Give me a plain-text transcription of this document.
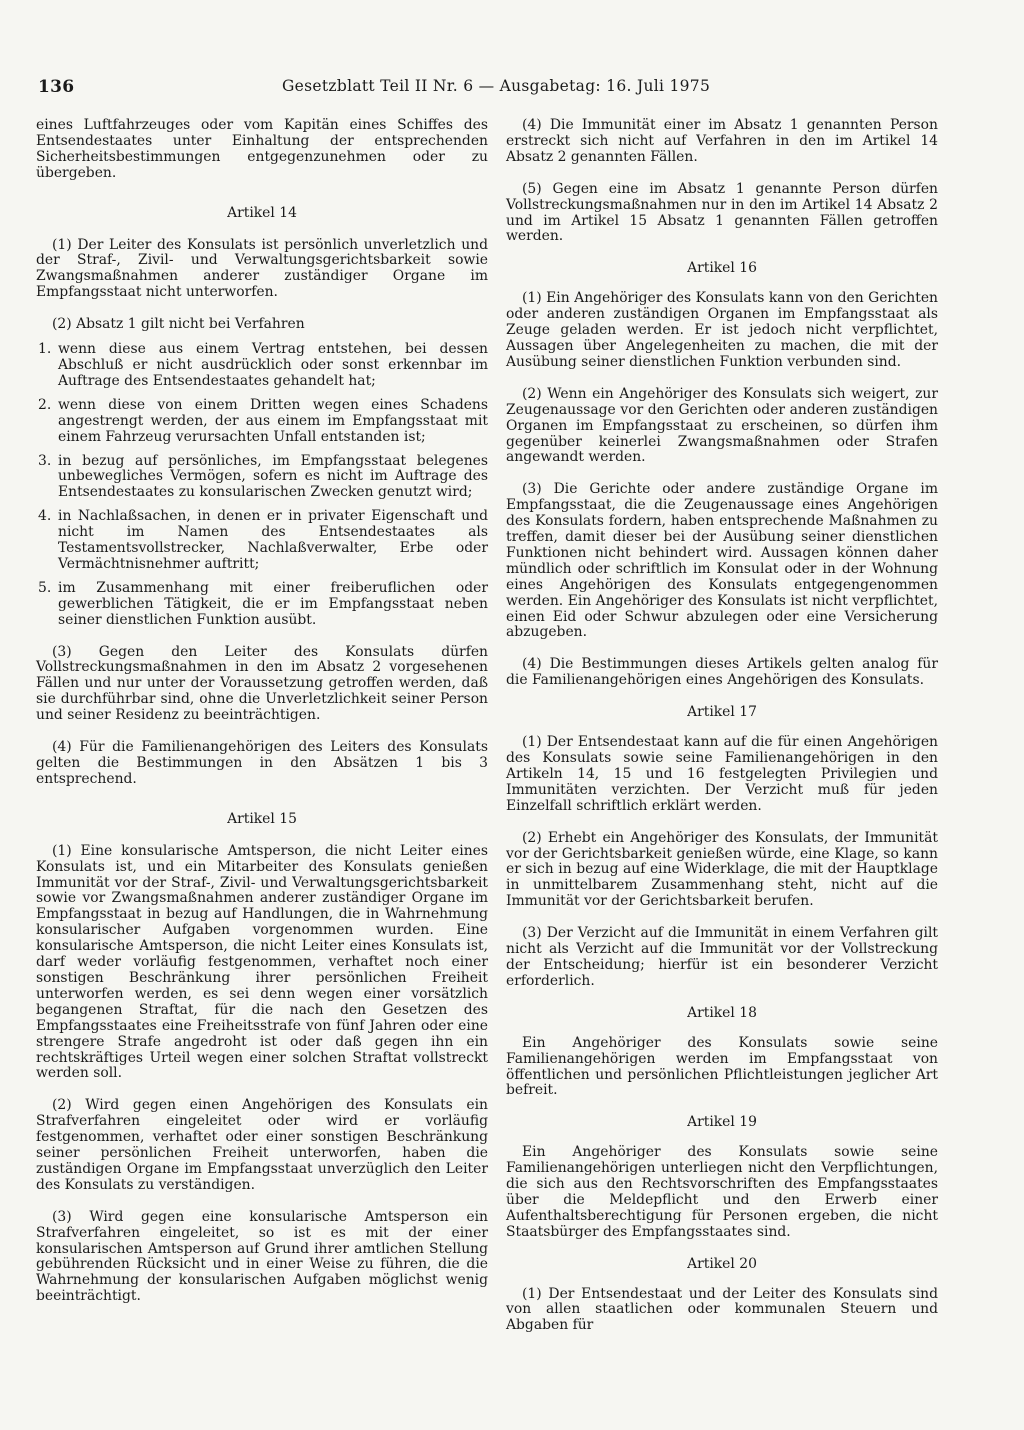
136	Gesetzblatt Teil II Nr. 6 — Ausgabetag: 16. Juli 1975

eines Luftfahrzeuges oder vom Kapitän eines Schiffes des Entsendestaates unter Einhaltung der entsprechenden Sicherheitsbestimmungen entgegenzunehmen oder zu übergeben.

Artikel 14

(1) Der Leiter des Konsulats ist persönlich unverletzlich und der Straf-, Zivil- und Verwaltungsgerichtsbarkeit sowie Zwangsmaßnahmen anderer zuständiger Organe im Empfangsstaat nicht unterworfen.

(2) Absatz 1 gilt nicht bei Verfahren

1. wenn diese aus einem Vertrag entstehen, bei dessen Abschluß er nicht ausdrücklich oder sonst erkennbar im Auftrage des Entsendestaates gehandelt hat;
2. wenn diese von einem Dritten wegen eines Schadens angestrengt werden, der aus einem im Empfangsstaat mit einem Fahrzeug verursachten Unfall entstanden ist;
3. in bezug auf persönliches, im Empfangsstaat belegenes unbewegliches Vermögen, sofern es nicht im Auftrage des Entsendestaates zu konsularischen Zwecken genutzt wird;
4. in Nachlaßsachen, in denen er in privater Eigenschaft und nicht im Namen des Entsendestaates als Testamentsvollstrecker, Nachlaßverwalter, Erbe oder Vermächtnisnehmer auftritt;
5. im Zusammenhang mit einer freiberuflichen oder gewerblichen Tätigkeit, die er im Empfangsstaat neben seiner dienstlichen Funktion ausübt.

(3) Gegen den Leiter des Konsulats dürfen Vollstreckungsmaßnahmen in den im Absatz 2 vorgesehenen Fällen und nur unter der Voraussetzung getroffen werden, daß sie durchführbar sind, ohne die Unverletzlichkeit seiner Person und seiner Residenz zu beeinträchtigen.

(4) Für die Familienangehörigen des Leiters des Konsulats gelten die Bestimmungen in den Absätzen 1 bis 3 entsprechend.

Artikel 15

(1) Eine konsularische Amtsperson, die nicht Leiter eines Konsulats ist, und ein Mitarbeiter des Konsulats genießen Immunität vor der Straf-, Zivil- und Verwaltungsgerichtsbarkeit sowie vor Zwangsmaßnahmen anderer zuständiger Organe im Empfangsstaat in bezug auf Handlungen, die in Wahrnehmung konsularischer Aufgaben vorgenommen wurden. Eine konsularische Amtsperson, die nicht Leiter eines Konsulats ist, darf weder vorläufig festgenommen, verhaftet noch einer sonstigen Beschränkung ihrer persönlichen Freiheit unterworfen werden, es sei denn wegen einer vorsätzlich begangenen Straftat, für die nach den Gesetzen des Empfangsstaates eine Freiheitsstrafe von fünf Jahren oder eine strengere Strafe angedroht ist oder daß gegen ihn ein rechtskräftiges Urteil wegen einer solchen Straftat vollstreckt werden soll.

(2) Wird gegen einen Angehörigen des Konsulats ein Strafverfahren eingeleitet oder wird er vorläufig festgenommen, verhaftet oder einer sonstigen Beschränkung seiner persönlichen Freiheit unterworfen, haben die zuständigen Organe im Empfangsstaat unverzüglich den Leiter des Konsulats zu verständigen.

(3) Wird gegen eine konsularische Amtsperson ein Strafverfahren eingeleitet, so ist es mit der einer konsularischen Amtsperson auf Grund ihrer amtlichen Stellung gebührenden Rücksicht und in einer Weise zu führen, die die Wahrnehmung der konsularischen Aufgaben möglichst wenig beeinträchtigt.

(4) Die Immunität einer im Absatz 1 genannten Person erstreckt sich nicht auf Verfahren in den im Artikel 14 Absatz 2 genannten Fällen.

(5) Gegen eine im Absatz 1 genannte Person dürfen Vollstreckungsmaßnahmen nur in den im Artikel 14 Absatz 2 und im Artikel 15 Absatz 1 genannten Fällen getroffen werden.

Artikel 16

(1) Ein Angehöriger des Konsulats kann von den Gerichten oder anderen zuständigen Organen im Empfangsstaat als Zeuge geladen werden. Er ist jedoch nicht verpflichtet, Aussagen über Angelegenheiten zu machen, die mit der Ausübung seiner dienstlichen Funktion verbunden sind.

(2) Wenn ein Angehöriger des Konsulats sich weigert, zur Zeugenaussage vor den Gerichten oder anderen zuständigen Organen im Empfangsstaat zu erscheinen, so dürfen ihm gegenüber keinerlei Zwangsmaßnahmen oder Strafen angewandt werden.

(3) Die Gerichte oder andere zuständige Organe im Empfangsstaat, die die Zeugenaussage eines Angehörigen des Konsulats fordern, haben entsprechende Maßnahmen zu treffen, damit dieser bei der Ausübung seiner dienstlichen Funktionen nicht behindert wird. Aussagen können daher mündlich oder schriftlich im Konsulat oder in der Wohnung eines Angehörigen des Konsulats entgegengenommen werden. Ein Angehöriger des Konsulats ist nicht verpflichtet, einen Eid oder Schwur abzulegen oder eine Versicherung abzugeben.

(4) Die Bestimmungen dieses Artikels gelten analog für die Familienangehörigen eines Angehörigen des Konsulats.

Artikel 17

(1) Der Entsendestaat kann auf die für einen Angehörigen des Konsulats sowie seine Familienangehörigen in den Artikeln 14, 15 und 16 festgelegten Privilegien und Immunitäten verzichten. Der Verzicht muß für jeden Einzelfall schriftlich erklärt werden.

(2) Erhebt ein Angehöriger des Konsulats, der Immunität vor der Gerichtsbarkeit genießen würde, eine Klage, so kann er sich in bezug auf eine Widerklage, die mit der Hauptklage in unmittelbarem Zusammenhang steht, nicht auf die Immunität vor der Gerichtsbarkeit berufen.

(3) Der Verzicht auf die Immunität in einem Verfahren gilt nicht als Verzicht auf die Immunität vor der Vollstreckung der Entscheidung; hierfür ist ein besonderer Verzicht erforderlich.

Artikel 18

Ein Angehöriger des Konsulats sowie seine Familienangehörigen werden im Empfangsstaat von öffentlichen und persönlichen Pflichtleistungen jeglicher Art befreit.

Artikel 19

Ein Angehöriger des Konsulats sowie seine Familienangehörigen unterliegen nicht den Verpflichtungen, die sich aus den Rechtsvorschriften des Empfangsstaates über die Meldepflicht und den Erwerb einer Aufenthaltsberechtigung für Personen ergeben, die nicht Staatsbürger des Empfangsstaates sind.

Artikel 20

(1) Der Entsendestaat und der Leiter des Konsulats sind von allen staatlichen oder kommunalen Steuern und Abgaben für
